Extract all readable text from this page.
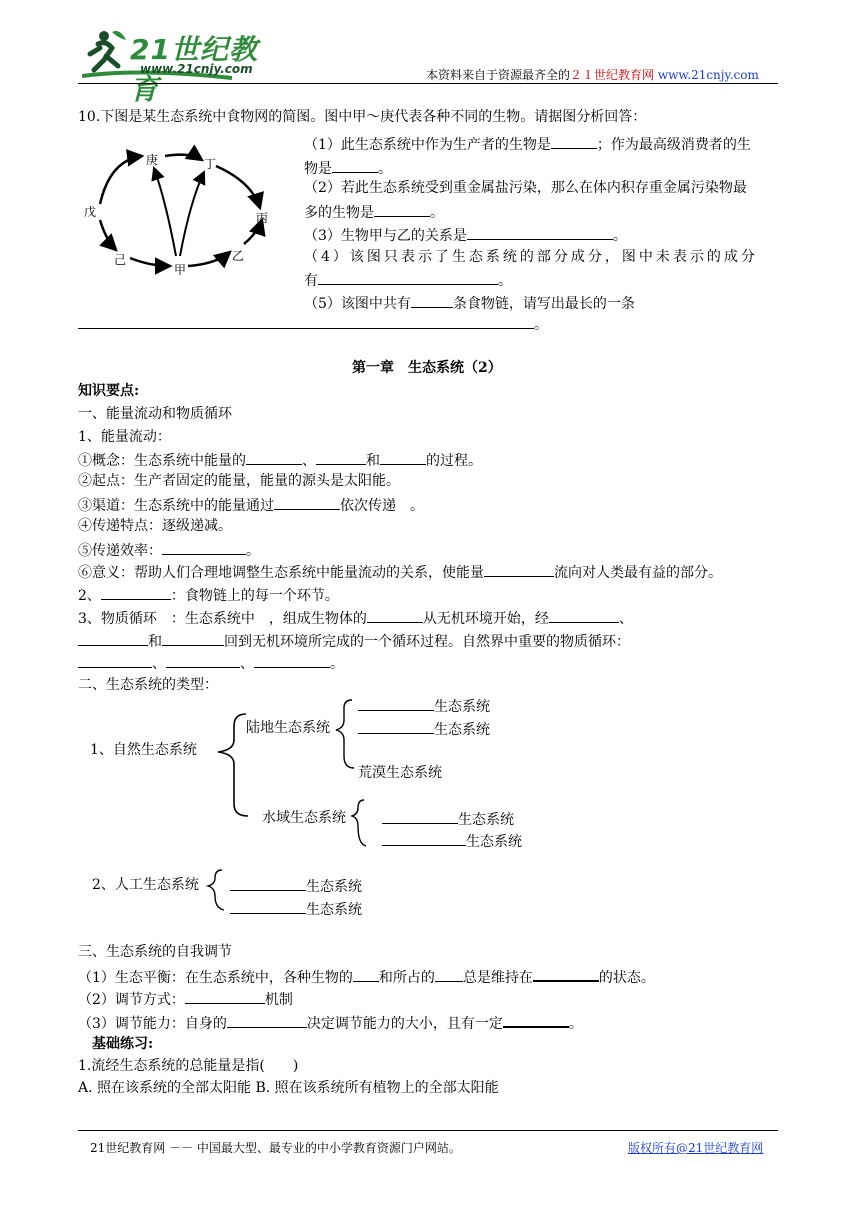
21世纪教育
www.21cnjy.com	本资料来自于资源最齐全的２１世纪教育网 www.21cnjy.com
10.下图是某生态系统中食物网的简图。图中甲～庚代表各种不同的生物。请据图分析回答：
庚	丁
戊	丙
己
甲
乙
（1）此生态系统中作为生产者的生物是	；作为最高级消费者的生
物是	。
（2）若此生态系统受到重金属盐污染，那么在体内积存重金属污染物最
多的生物是	。
（3）生物甲与乙的关系是	。
（4）该图只表示了生态系统的部分成分，图中未表示的成分
有	。
（5）该图中共有	条食物链，请写出最长的一条
。
第一章　生态系统（2）
知识要点:
一、能量流动和物质循环
1、能量流动：
①概念：生态系统中能量的	、	和	的过程。
②起点：生产者固定的能量，能量的源头是太阳能。
③渠道：生态系统中的能量通过	依次传递　。
④传递特点：逐级递减。
⑤传递效率：	。
⑥意义：帮助人们合理地调整生态系统中能量流动的关系，使能量	流向对人类最有益的部分。
2、	：食物链上的每一个环节。
3、物质循环　：生态系统中　，组成生物体的	从无机环境开始，经	、
和	回到无机环境所完成的一个循环过程。自然界中重要的物质循环：
、	、	。
二、生态系统的类型：
1、自然生态系统
陆地生态系统
生态系统
生态系统
荒漠生态系统
水域生态系统	生态系统
生态系统
2、人工生态系统	生态系统
生态系统
三、生态系统的自我调节
（1）生态平衡：在生态系统中，各种生物的 和所占的 总是维持在	的状态。
（2）调节方式：	机制
（3）调节能力：自身的	决定调节能力的大小，且有一定	。
基础练习:
1.流经生态系统的总能量是指(　　)
A. 照在该系统的全部太阳能 B. 照在该系统所有植物上的全部太阳能
21世纪教育网 －－ 中国最大型、最专业的中小学教育资源门户网站。	版权所有@21世纪教育网
